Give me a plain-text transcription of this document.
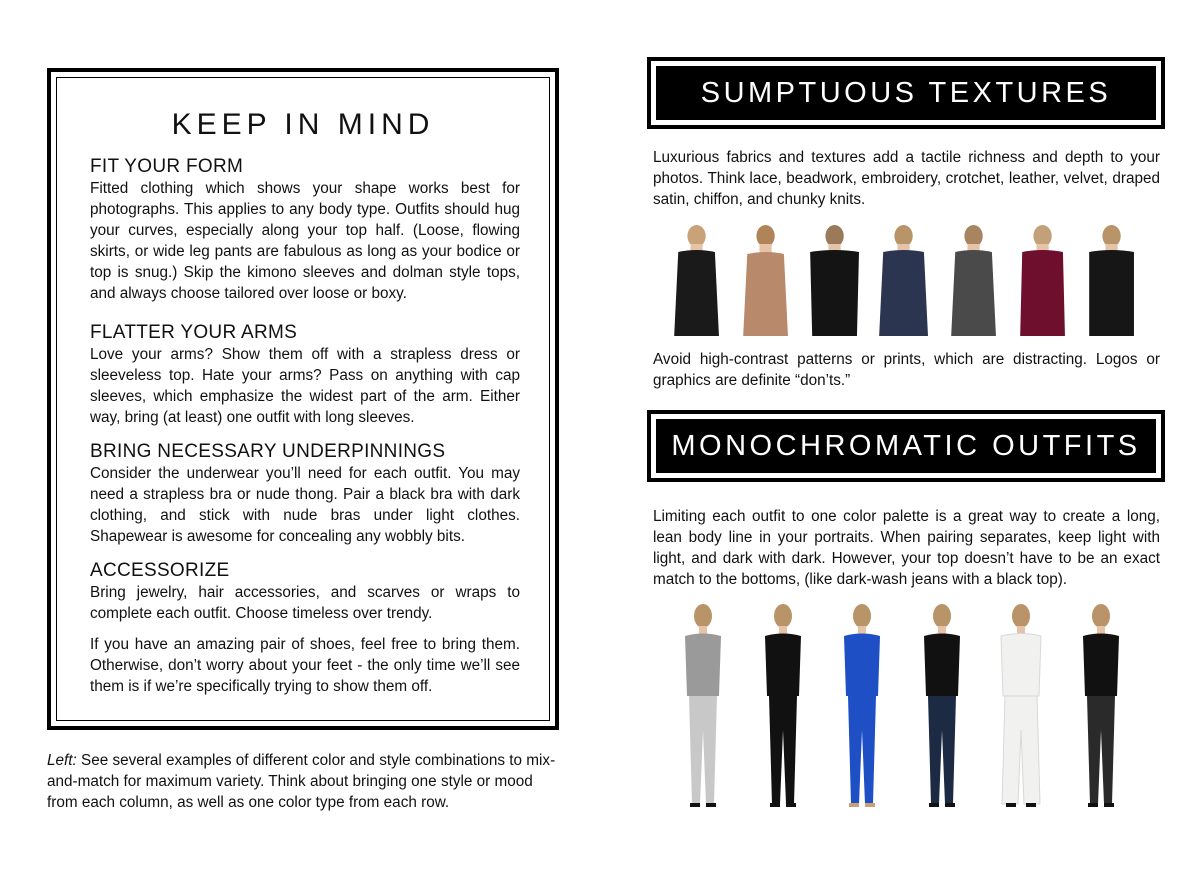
KEEP IN MIND
FIT YOUR FORM

Fitted clothing which shows your shape works best for photographs. This applies to any body type. Outfits should hug your curves, especially along your top half. (Loose, flowing skirts, or wide leg pants are fabulous as long as your bodice or top is snug.) Skip the kimono sleeves and dolman style tops, and always choose tailored over loose or boxy.

FLATTER YOUR ARMS

Love your arms? Show them off with a strapless dress or sleeveless top. Hate your arms? Pass on anything with cap sleeves, which emphasize the widest part of the arm. Either way, bring (at least) one outfit with long sleeves.

BRING NECESSARY UNDERPINNINGS

Consider the underwear you’ll need for each outfit. You may need a strapless bra or nude thong. Pair a black bra with dark clothing, and stick with nude bras under light clothes. Shapewear is awesome for concealing any wobbly bits.

ACCESSORIZE

Bring jewelry, hair accessories, and scarves or wraps to complete each outfit. Choose timeless over trendy.

If you have an amazing pair of shoes, feel free to bring them. Otherwise, don’t worry about your feet - the only time we’ll see them is if we’re specifically trying to show them off.

Left: See several examples of different color and style combinations to mix-and-match for maximum variety. Think about bringing one style or mood from each column, as well as one color type from each row.

SUMPTUOUS TEXTURES

Luxurious fabrics and textures add a tactile richness and depth to your photos. Think lace, beadwork, embroidery, crotchet, leather, velvet, draped satin, chiffon, and chunky knits.

Avoid high-contrast patterns or prints, which are distracting. Logos or graphics are definite “don’ts.”

MONOCHROMATIC OUTFITS

Limiting each outfit to one color palette is a great way to create a long, lean body line in your portraits. When pairing separates, keep light with light, and dark with dark. However, your top doesn’t have to be an exact match to the bottoms, (like dark-wash jeans with a black top).
